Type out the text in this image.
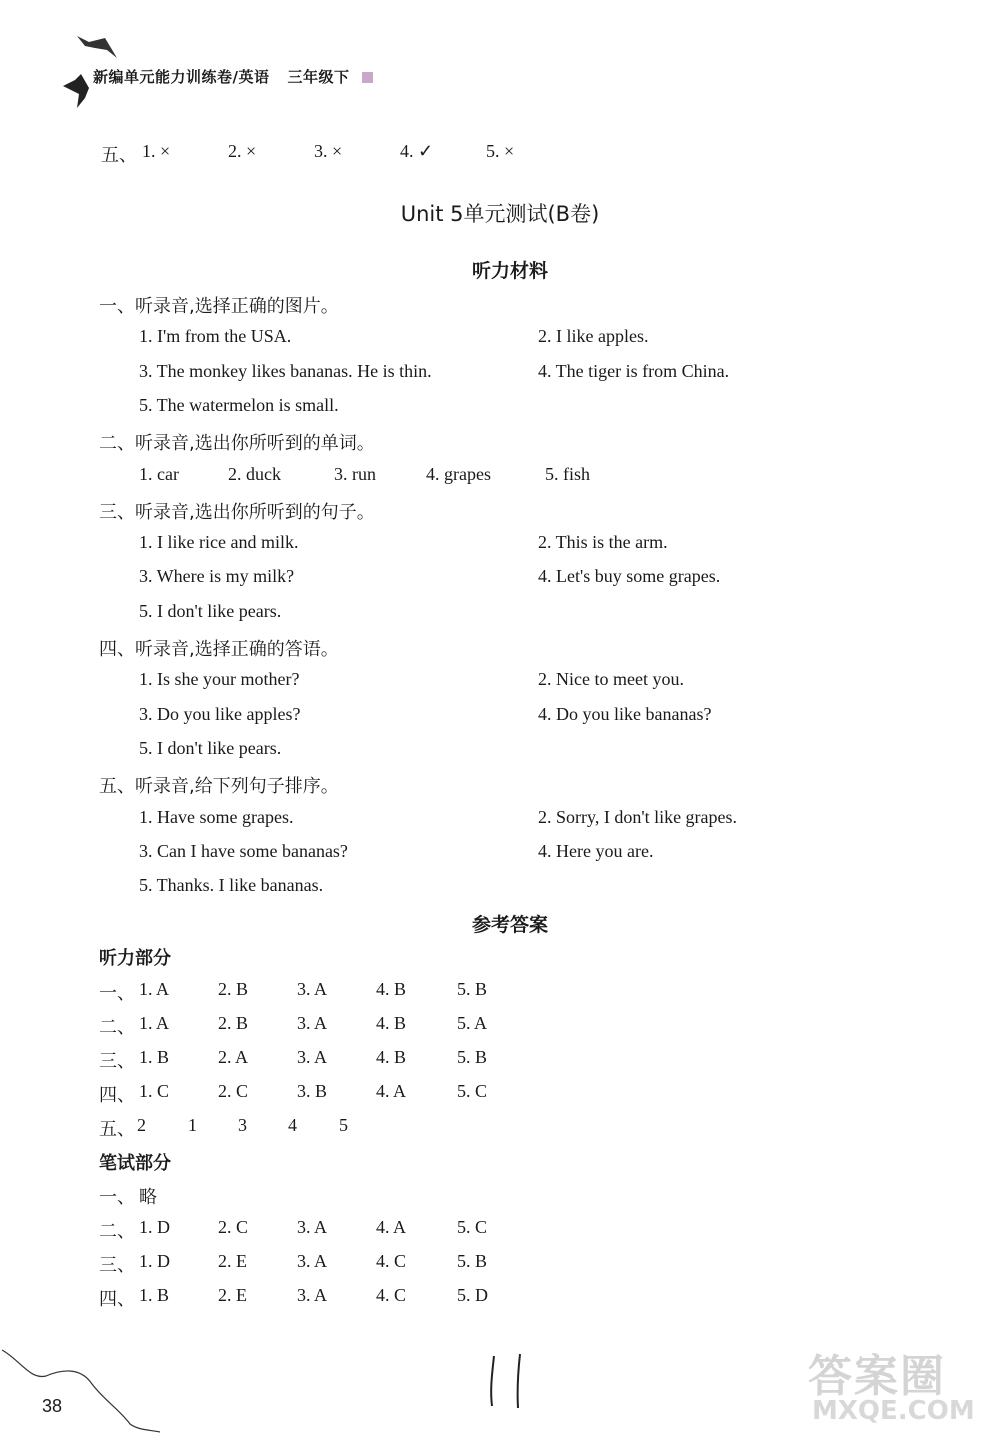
新编单元能力训练卷/英语 三年级下
五、 1. ×	2. ×	3. ×	4. ✓	5. ×
Unit 5单元测试(B卷)
听力材料
一、听录音,选择正确的图片。
1. I'm from the USA.	2. I like apples.
3. The monkey likes bananas. He is thin.	4. The tiger is from China.
5. The watermelon is small.
二、听录音,选出你所听到的单词。
1. car	2. duck	3. run	4. grapes	5. fish
三、听录音,选出你所听到的句子。
1. I like rice and milk.	2. This is the arm.
3. Where is my milk?	4. Let's buy some grapes.
5. I don't like pears.
四、听录音,选择正确的答语。
1. Is she your mother?	2. Nice to meet you.
3. Do you like apples?	4. Do you like bananas?
5. I don't like pears.
五、听录音,给下列句子排序。
1. Have some grapes.	2. Sorry, I don't like grapes.
3. Can I have some bananas?	4. Here you are.
5. Thanks. I like bananas.
参考答案
听力部分
一、 1. A	2. B	3. A	4. B	5. B
二、 1. A	2. B	3. A	4. B	5. A
三、 1. B	2. A	3. A	4. B	5. B
四、 1. C	2. C	3. B	4. A	5. C
五、 2 1 3 4 5
笔试部分
一、 略
二、 1. D	2. C	3. A	4. A	5. C
三、 1. D	2. E	3. A	4. C	5. B
四、 1. B	2. E	3. A	4. C	5. D
38
答案圈
MXQE.COM
